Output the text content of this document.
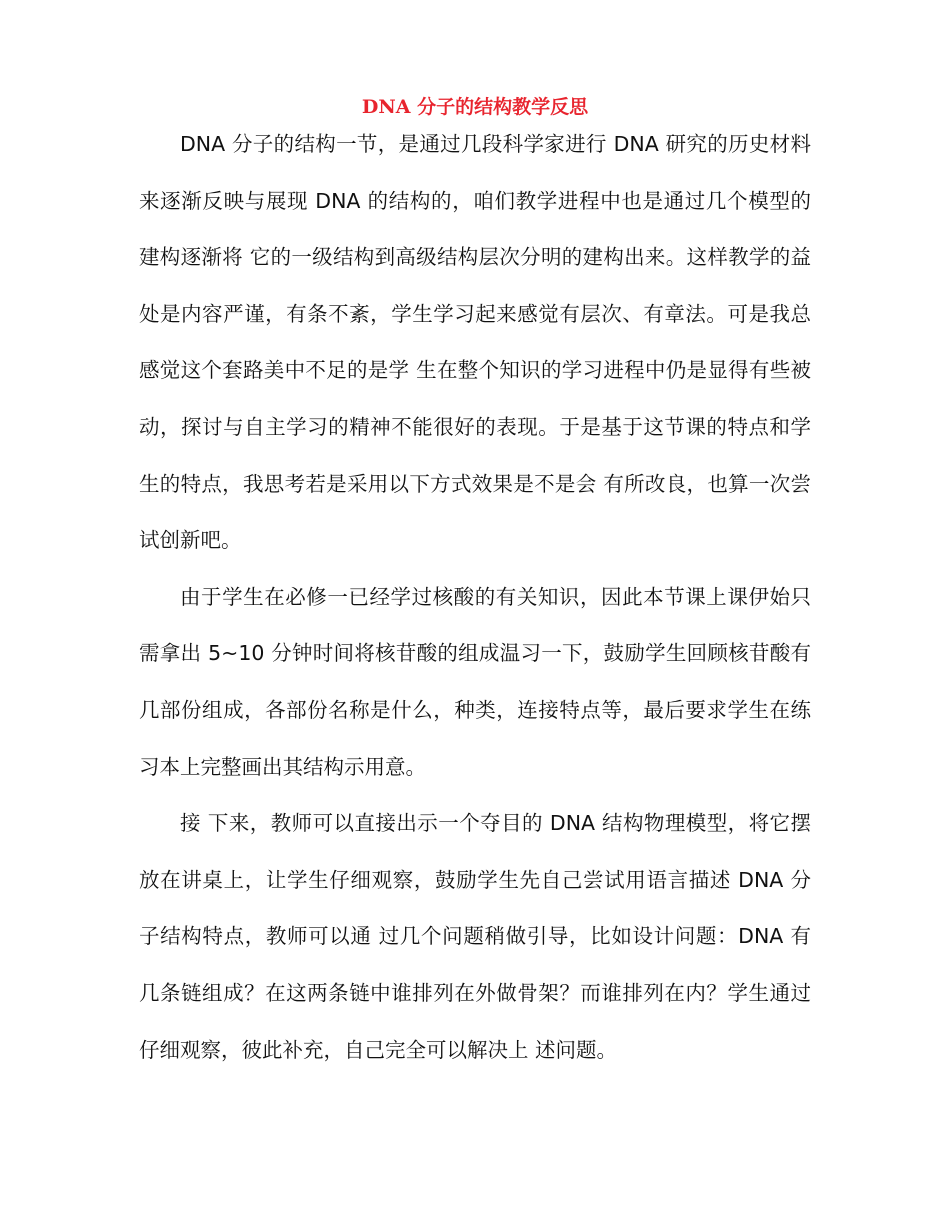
DNA 分子的结构教学反思

DNA 分子的结构一节，是通过几段科学家进行 DNA 研究的历史材料来逐渐反映与展现 DNA 的结构的，咱们教学进程中也是通过几个模型的建构逐渐将 它的一级结构到高级结构层次分明的建构出来。这样教学的益处是内容严谨，有条不紊，学生学习起来感觉有层次、有章法。可是我总感觉这个套路美中不足的是学 生在整个知识的学习进程中仍是显得有些被动，探讨与自主学习的精神不能很好的表现。于是基于这节课的特点和学生的特点，我思考若是采用以下方式效果是不是会 有所改良，也算一次尝试创新吧。

由于学生在必修一已经学过核酸的有关知识，因此本节课上课伊始只需拿出 5~10 分钟时间将核苷酸的组成温习一下，鼓励学生回顾核苷酸有几部份组成，各部份名称是什么，种类，连接特点等，最后要求学生在练习本上完整画出其结构示用意。

接 下来，教师可以直接出示一个夺目的 DNA 结构物理模型，将它摆放在讲桌上，让学生仔细观察，鼓励学生先自己尝试用语言描述 DNA 分子结构特点，教师可以通 过几个问题稍做引导，比如设计问题：DNA 有几条链组成？在这两条链中谁排列在外做骨架？而谁排列在内？学生通过仔细观察，彼此补充，自己完全可以解决上 述问题。
